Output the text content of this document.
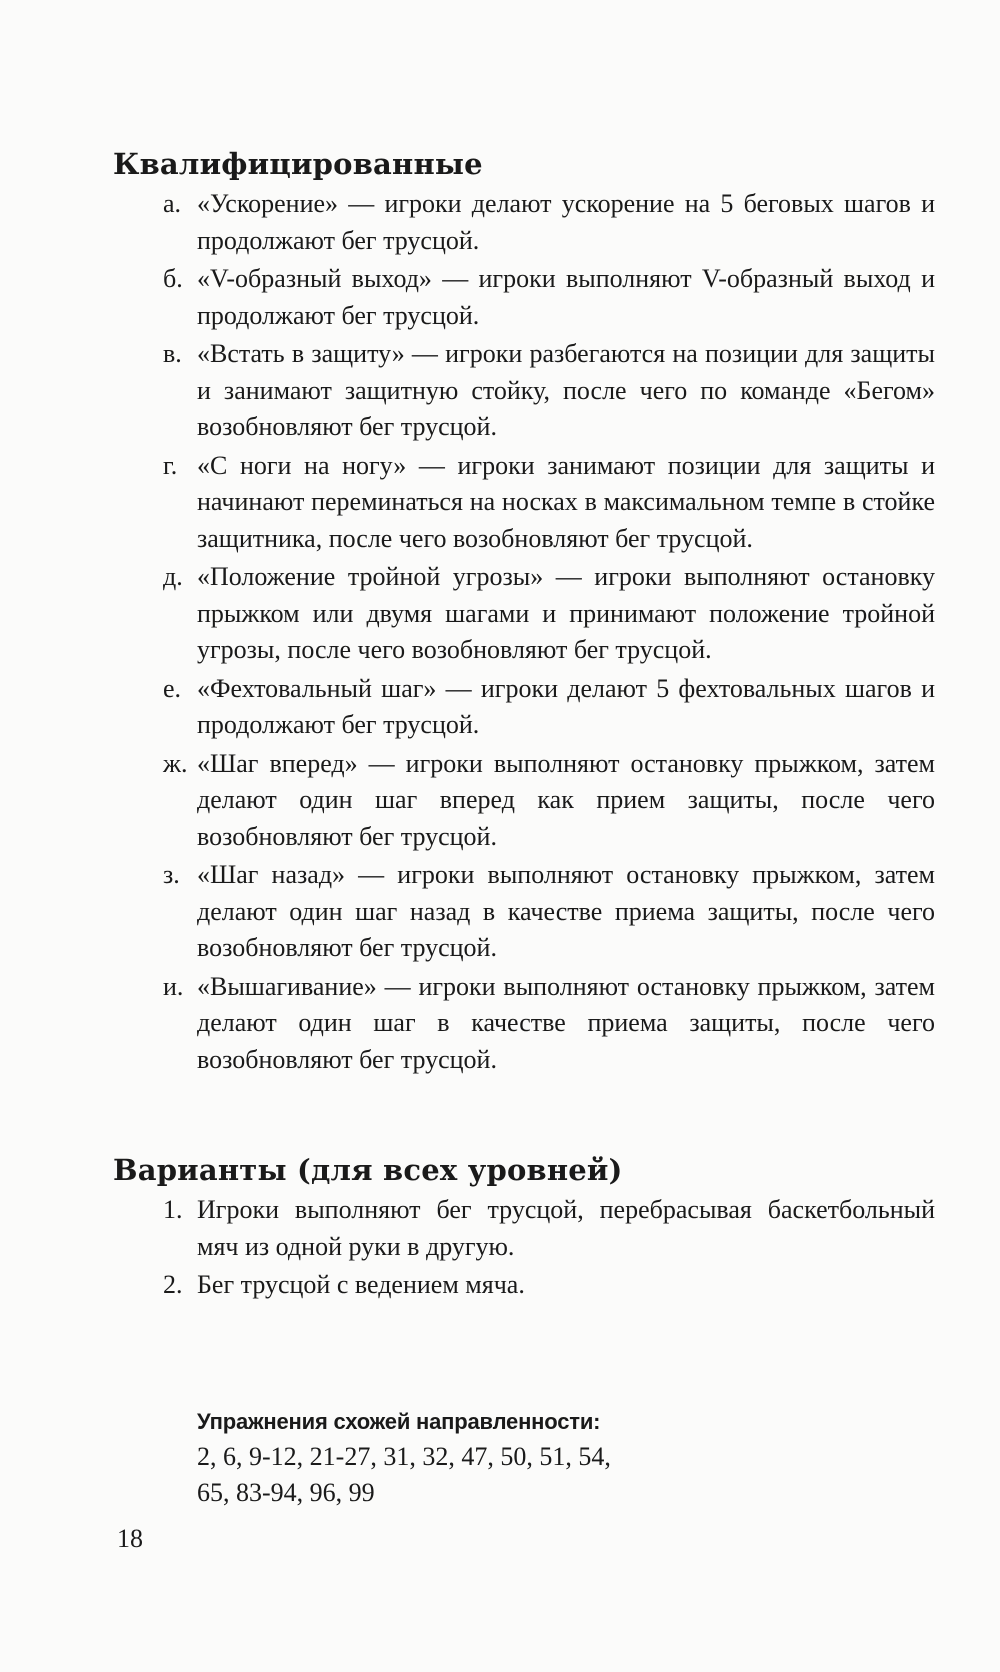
Квалифицированные
а. «Ускорение» — игроки делают ускорение на 5 беговых шагов и продолжают бег трусцой.
б. «V-образный выход» — игроки выполняют V-образный выход и продолжают бег трусцой.
в. «Встать в защиту» — игроки разбегаются на позиции для защиты и занимают защитную стойку, после чего по команде «Бегом» возобновляют бег трусцой.
г. «С ноги на ногу» — игроки занимают позиции для защиты и начинают переминаться на носках в максимальном темпе в стойке защитника, после чего возобновляют бег трусцой.
д. «Положение тройной угрозы» — игроки выполняют остановку прыжком или двумя шагами и принимают положение тройной угрозы, после чего возобновляют бег трусцой.
е. «Фехтовальный шаг» — игроки делают 5 фехтовальных шагов и продолжают бег трусцой.
ж. «Шаг вперед» — игроки выполняют остановку прыжком, затем делают один шаг вперед как прием защиты, после чего возобновляют бег трусцой.
з. «Шаг назад» — игроки выполняют остановку прыжком, затем делают один шаг назад в качестве приема защиты, после чего возобновляют бег трусцой.
и. «Вышагивание» — игроки выполняют остановку прыжком, затем делают один шаг в качестве приема защиты, после чего возобновляют бег трусцой.
Варианты (для всех уровней)
1. Игроки выполняют бег трусцой, перебрасывая баскетбольный мяч из одной руки в другую.
2. Бег трусцой с ведением мяча.
Упражнения схожей направленности:
2, 6, 9-12, 21-27, 31, 32, 47, 50, 51, 54,
65, 83-94, 96, 99
18
